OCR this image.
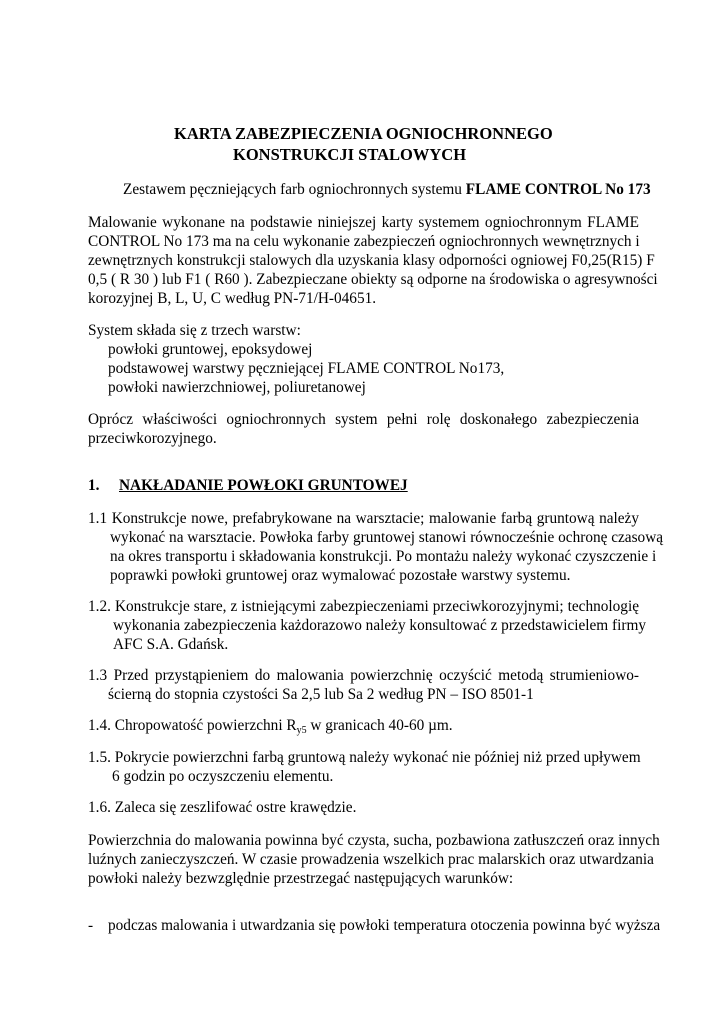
KARTA ZABEZPIECZENIA OGNIOCHRONNEGO
KONSTRUKCJI STALOWYCH
Zestawem pęczniejących farb ogniochronnych systemu FLAME CONTROL No 173
Malowanie wykonane na podstawie niniejszej karty systemem ogniochronnym FLAME
CONTROL No 173 ma na celu wykonanie zabezpieczeń ogniochronnych wewnętrznych i
zewnętrznych konstrukcji stalowych dla uzyskania klasy odporności ogniowej F0,25(R15) F
0,5 ( R 30 ) lub F1 ( R60 ). Zabezpieczane obiekty są odporne na środowiska o agresywności
korozyjnej B, L, U, C według PN-71/H-04651.
System składa się z trzech warstw:
powłoki gruntowej, epoksydowej
podstawowej warstwy pęczniejącej FLAME CONTROL No173,
powłoki nawierzchniowej, poliuretanowej
Oprócz właściwości ogniochronnych system pełni rolę doskonałego zabezpieczenia
przeciwkorozyjnego.
1. NAKŁADANIE POWŁOKI GRUNTOWEJ
1.1 Konstrukcje nowe, prefabrykowane na warsztacie; malowanie farbą gruntową należy
wykonać na warsztacie. Powłoka farby gruntowej stanowi równocześnie ochronę czasową
na okres transportu i składowania konstrukcji. Po montażu należy wykonać czyszczenie i
poprawki powłoki gruntowej oraz wymalować pozostałe warstwy systemu.
1.2. Konstrukcje stare, z istniejącymi zabezpieczeniami przeciwkorozyjnymi; technologię
wykonania zabezpieczenia każdorazowo należy konsultować z przedstawicielem firmy
AFC S.A. Gdańsk.
1.3 Przed przystąpieniem do malowania powierzchnię oczyścić metodą strumieniowo-
ścierną do stopnia czystości Sa 2,5 lub Sa 2 według PN – ISO 8501-1
1.4. Chropowatość powierzchni $R_{y5}$ w granicach 40-60 µm.
1.5. Pokrycie powierzchni farbą gruntową należy wykonać nie później niż przed upływem
6 godzin po oczyszczeniu elementu.
1.6. Zaleca się zeszlifować ostre krawędzie.
Powierzchnia do malowania powinna być czysta, sucha, pozbawiona zatłuszczeń oraz innych
luźnych zanieczyszczeń. W czasie prowadzenia wszelkich prac malarskich oraz utwardzania
powłoki należy bezwzględnie przestrzegać następujących warunków:
- podczas malowania i utwardzania się powłoki temperatura otoczenia powinna być wyższa
